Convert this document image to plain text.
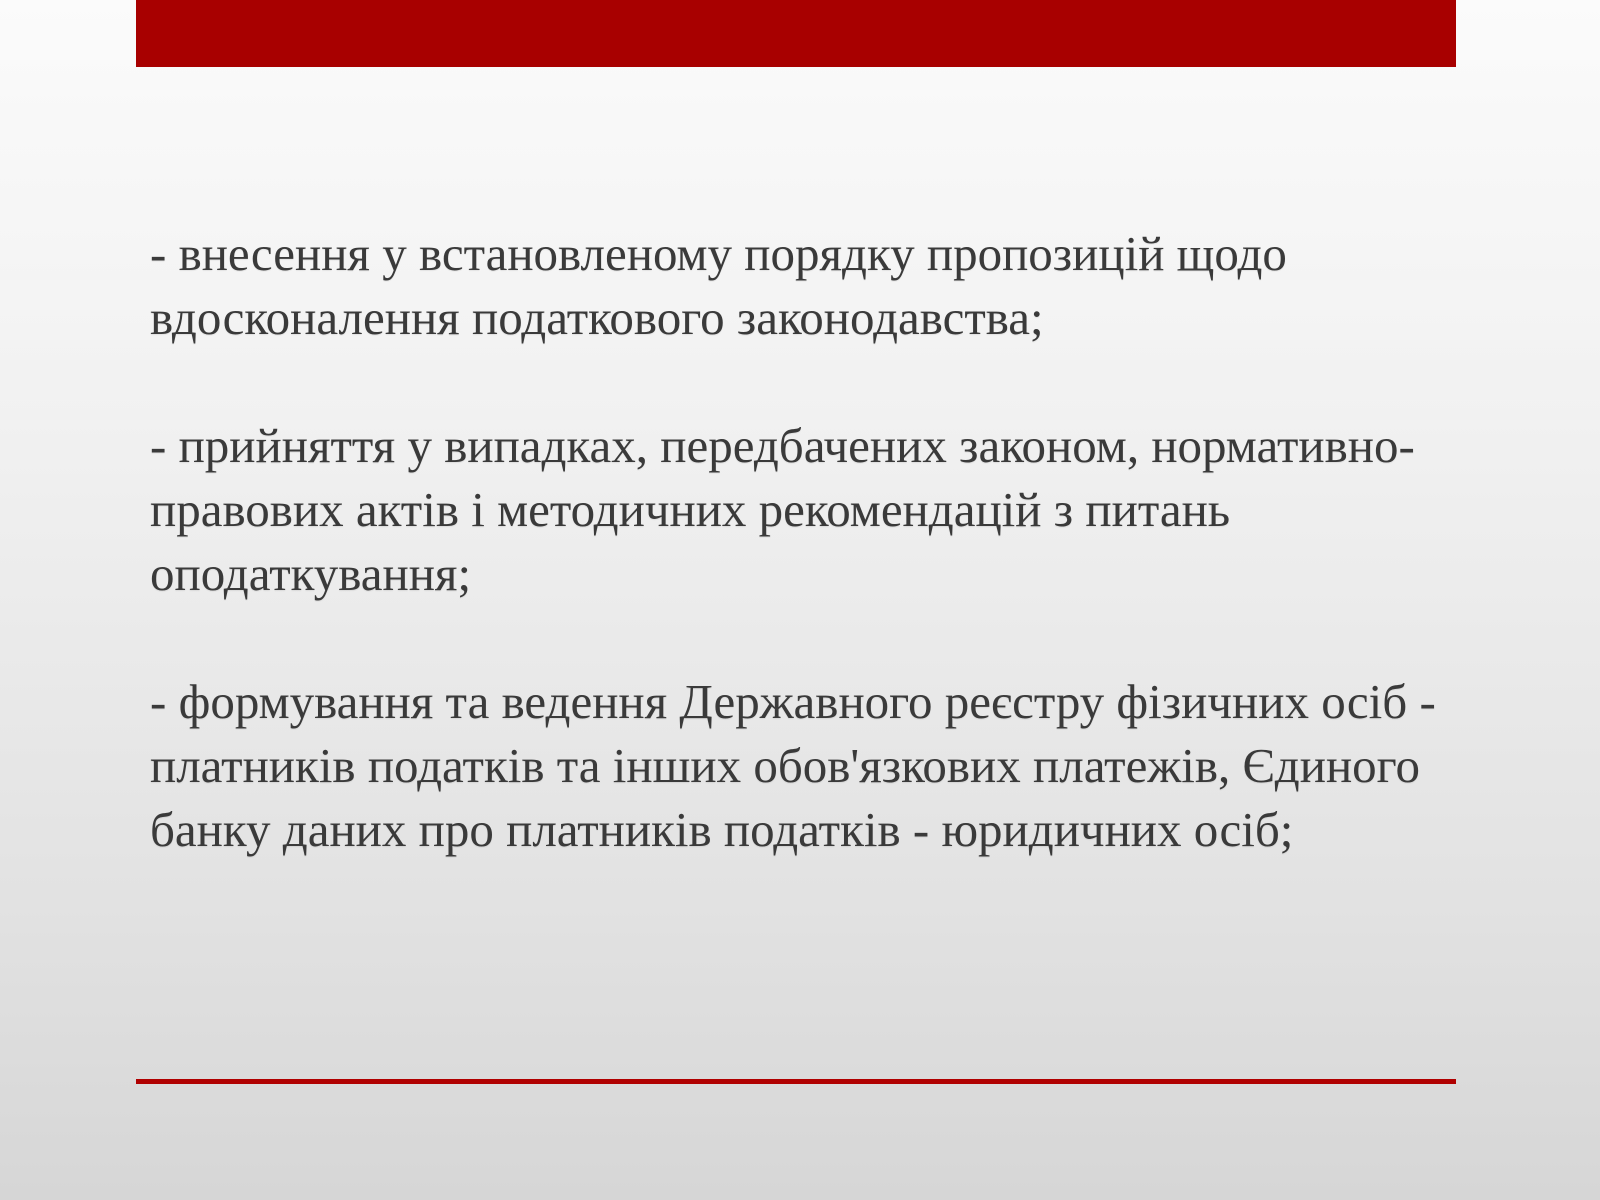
- внесення у встановленому порядку пропозицій щодо вдосконалення податкового законодавства;

- прийняття у випадках, передбачених законом, нормативно-правових актів і методичних рекомендацій з питань оподаткування;

- формування та ведення Державного реєстру фізичних осіб - платників податків та інших обов'язкових платежів, Єдиного банку даних про платників податків - юридичних осіб;
